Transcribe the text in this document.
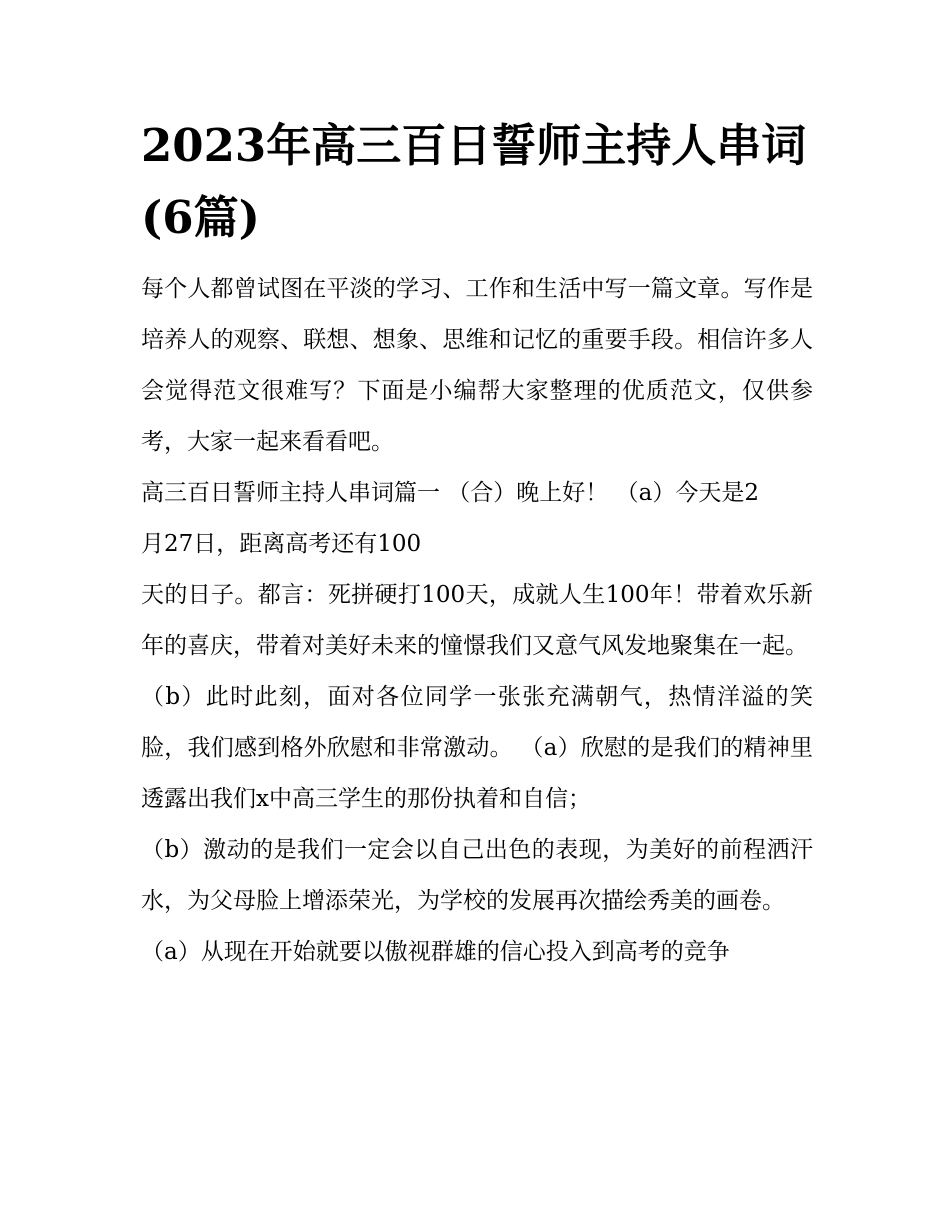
2023年高三百日誓师主持人串词(6篇)

每个人都曾试图在平淡的学习、工作和生活中写一篇文章。写作是培养人的观察、联想、想象、思维和记忆的重要手段。相信许多人会觉得范文很难写？下面是小编帮大家整理的优质范文，仅供参考，大家一起来看看吧。

高三百日誓师主持人串词篇一 （合）晚上好！ （a）今天是2
月27日，距离高考还有100

天的日子。都言：死拼硬打100天，成就人生100年！带着欢乐新年的喜庆，带着对美好未来的憧憬我们又意气风发地聚集在一起。

（b）此时此刻，面对各位同学一张张充满朝气，热情洋溢的笑脸，我们感到格外欣慰和非常激动。 （a）欣慰的是我们的精神里透露出我们x中高三学生的那份执着和自信；

（b）激动的是我们一定会以自己出色的表现，为美好的前程洒汗水，为父母脸上增添荣光，为学校的发展再次描绘秀美的画卷。

（a）从现在开始就要以傲视群雄的信心投入到高考的竞争
